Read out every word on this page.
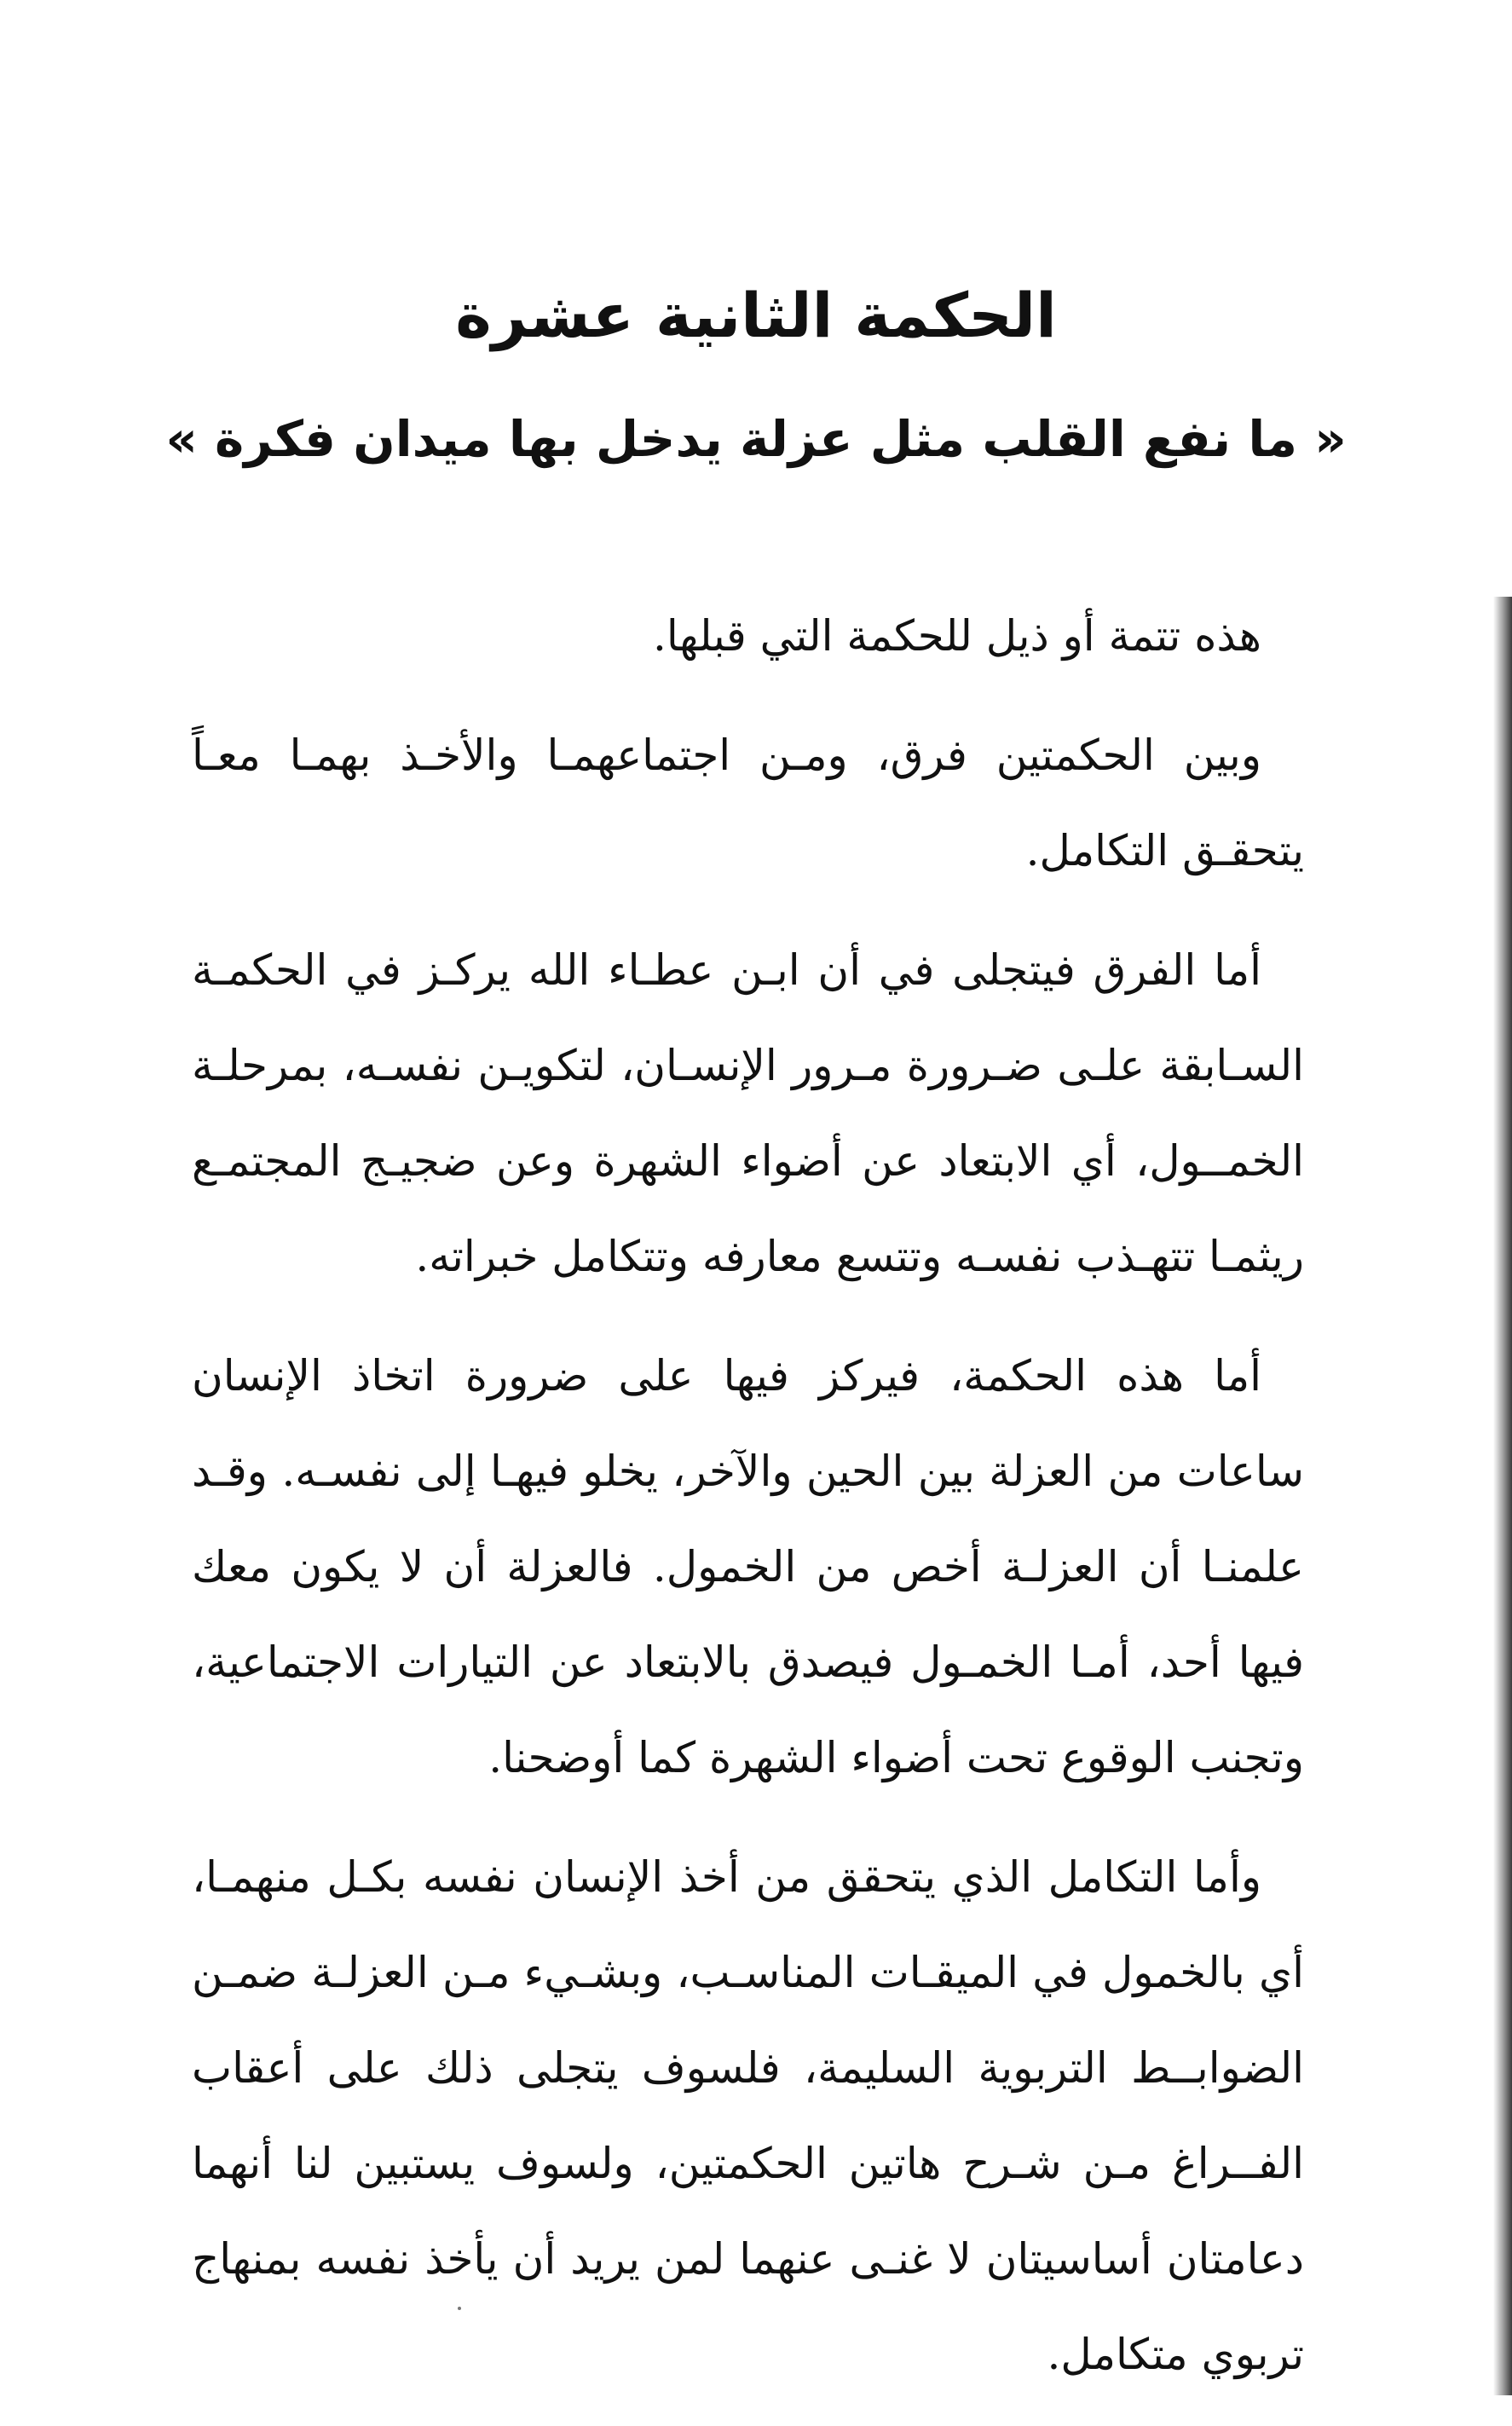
الحكمة الثانية عشرة
« ما نفع القلب مثل عزلة يدخل بها ميدان فكرة »

هذه تتمة أو ذيل للحكمة التي قبلها.

وبين الحكمتين فرق، ومـن اجتماعهمـا والأخـذ بهمـا معـاً يتحقـق التكامل.

أما الفرق فيتجلى في أن ابـن عطـاء الله يركـز في الحكمـة السـابقة علـى ضـرورة مـرور الإنسـان، لتكويـن نفسـه، بمرحلـة الخمــول، أي الابتعاد عن أضواء الشهرة وعن ضجيـج المجتمـع ريثمـا تتهـذب نفسـه وتتسع معارفه وتتكامل خبراته.

أما هذه الحكمة، فيركز فيها على ضرورة اتخاذ الإنسان ساعات من العزلة بين الحين والآخر، يخلو فيهـا إلى نفسـه. وقـد علمنـا أن العزلـة أخص من الخمول. فالعزلة أن لا يكون معك فيها أحد، أمـا الخمـول فيصدق بالابتعاد عن التيارات الاجتماعية، وتجنب الوقوع تحت أضواء الشهرة كما أوضحنا.

وأما التكامل الذي يتحقق من أخذ الإنسان نفسه بكـل منهمـا، أي بالخمول في الميقـات المناسـب، وبشـيء مـن العزلـة ضمـن الضوابــط التربوية السليمة، فلسوف يتجلى ذلك على أعقاب الفــراغ مـن شـرح هاتين الحكمتين، ولسوف يستبين لنا أنهما دعامتان أساسيتان لا غنـى عنهما لمن يريد أن يأخذ نفسه بمنهاج تربوي متكامل.
